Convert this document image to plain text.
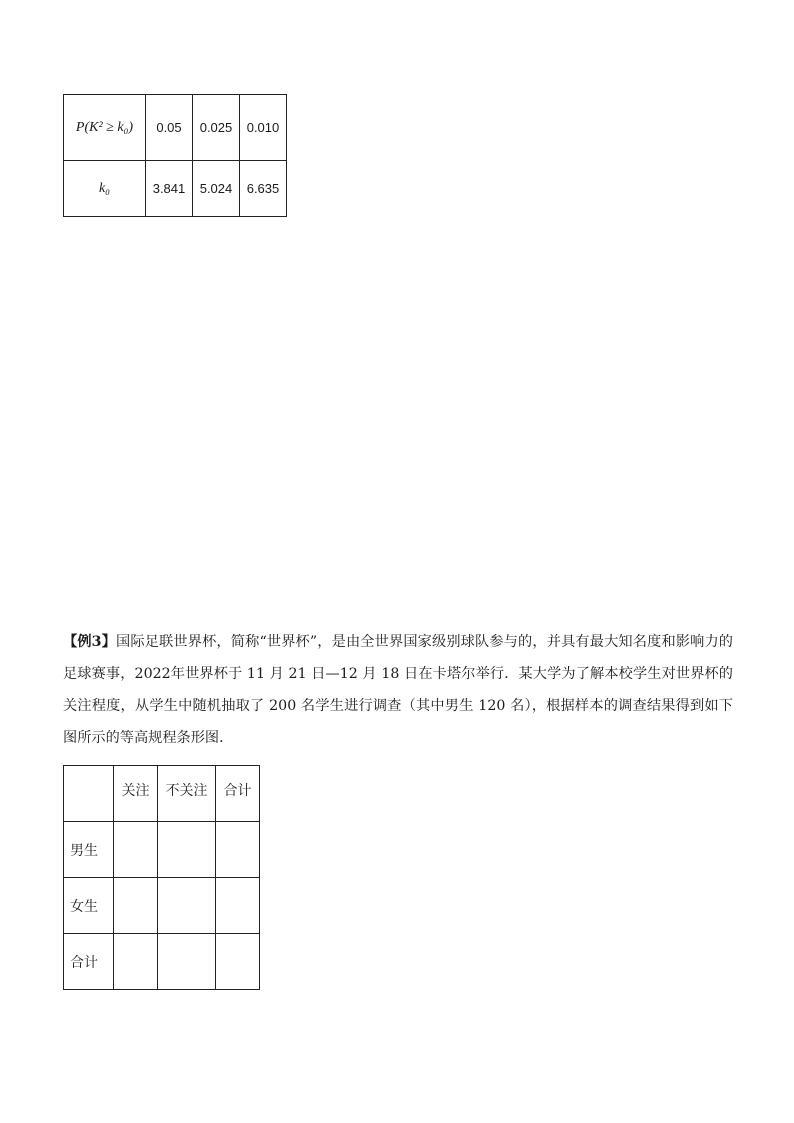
P(K² ≥ k₀)	0.05	0.025	0.010
k₀	3.841	5.024	6.635

【例3】国际足联世界杯，简称“世界杯”，是由全世界国家级别球队参与的，并具有最大知名度和影响力的足球赛事，2022年世界杯于 11 月 21 日—12 月 18 日在卡塔尔举行．某大学为了解本校学生对世界杯的关注程度，从学生中随机抽取了 200 名学生进行调查（其中男生 120 名），根据样本的调查结果得到如下图所示的等高规程条形图．

	关注	不关注	合计
男生			
女生			
合计			
